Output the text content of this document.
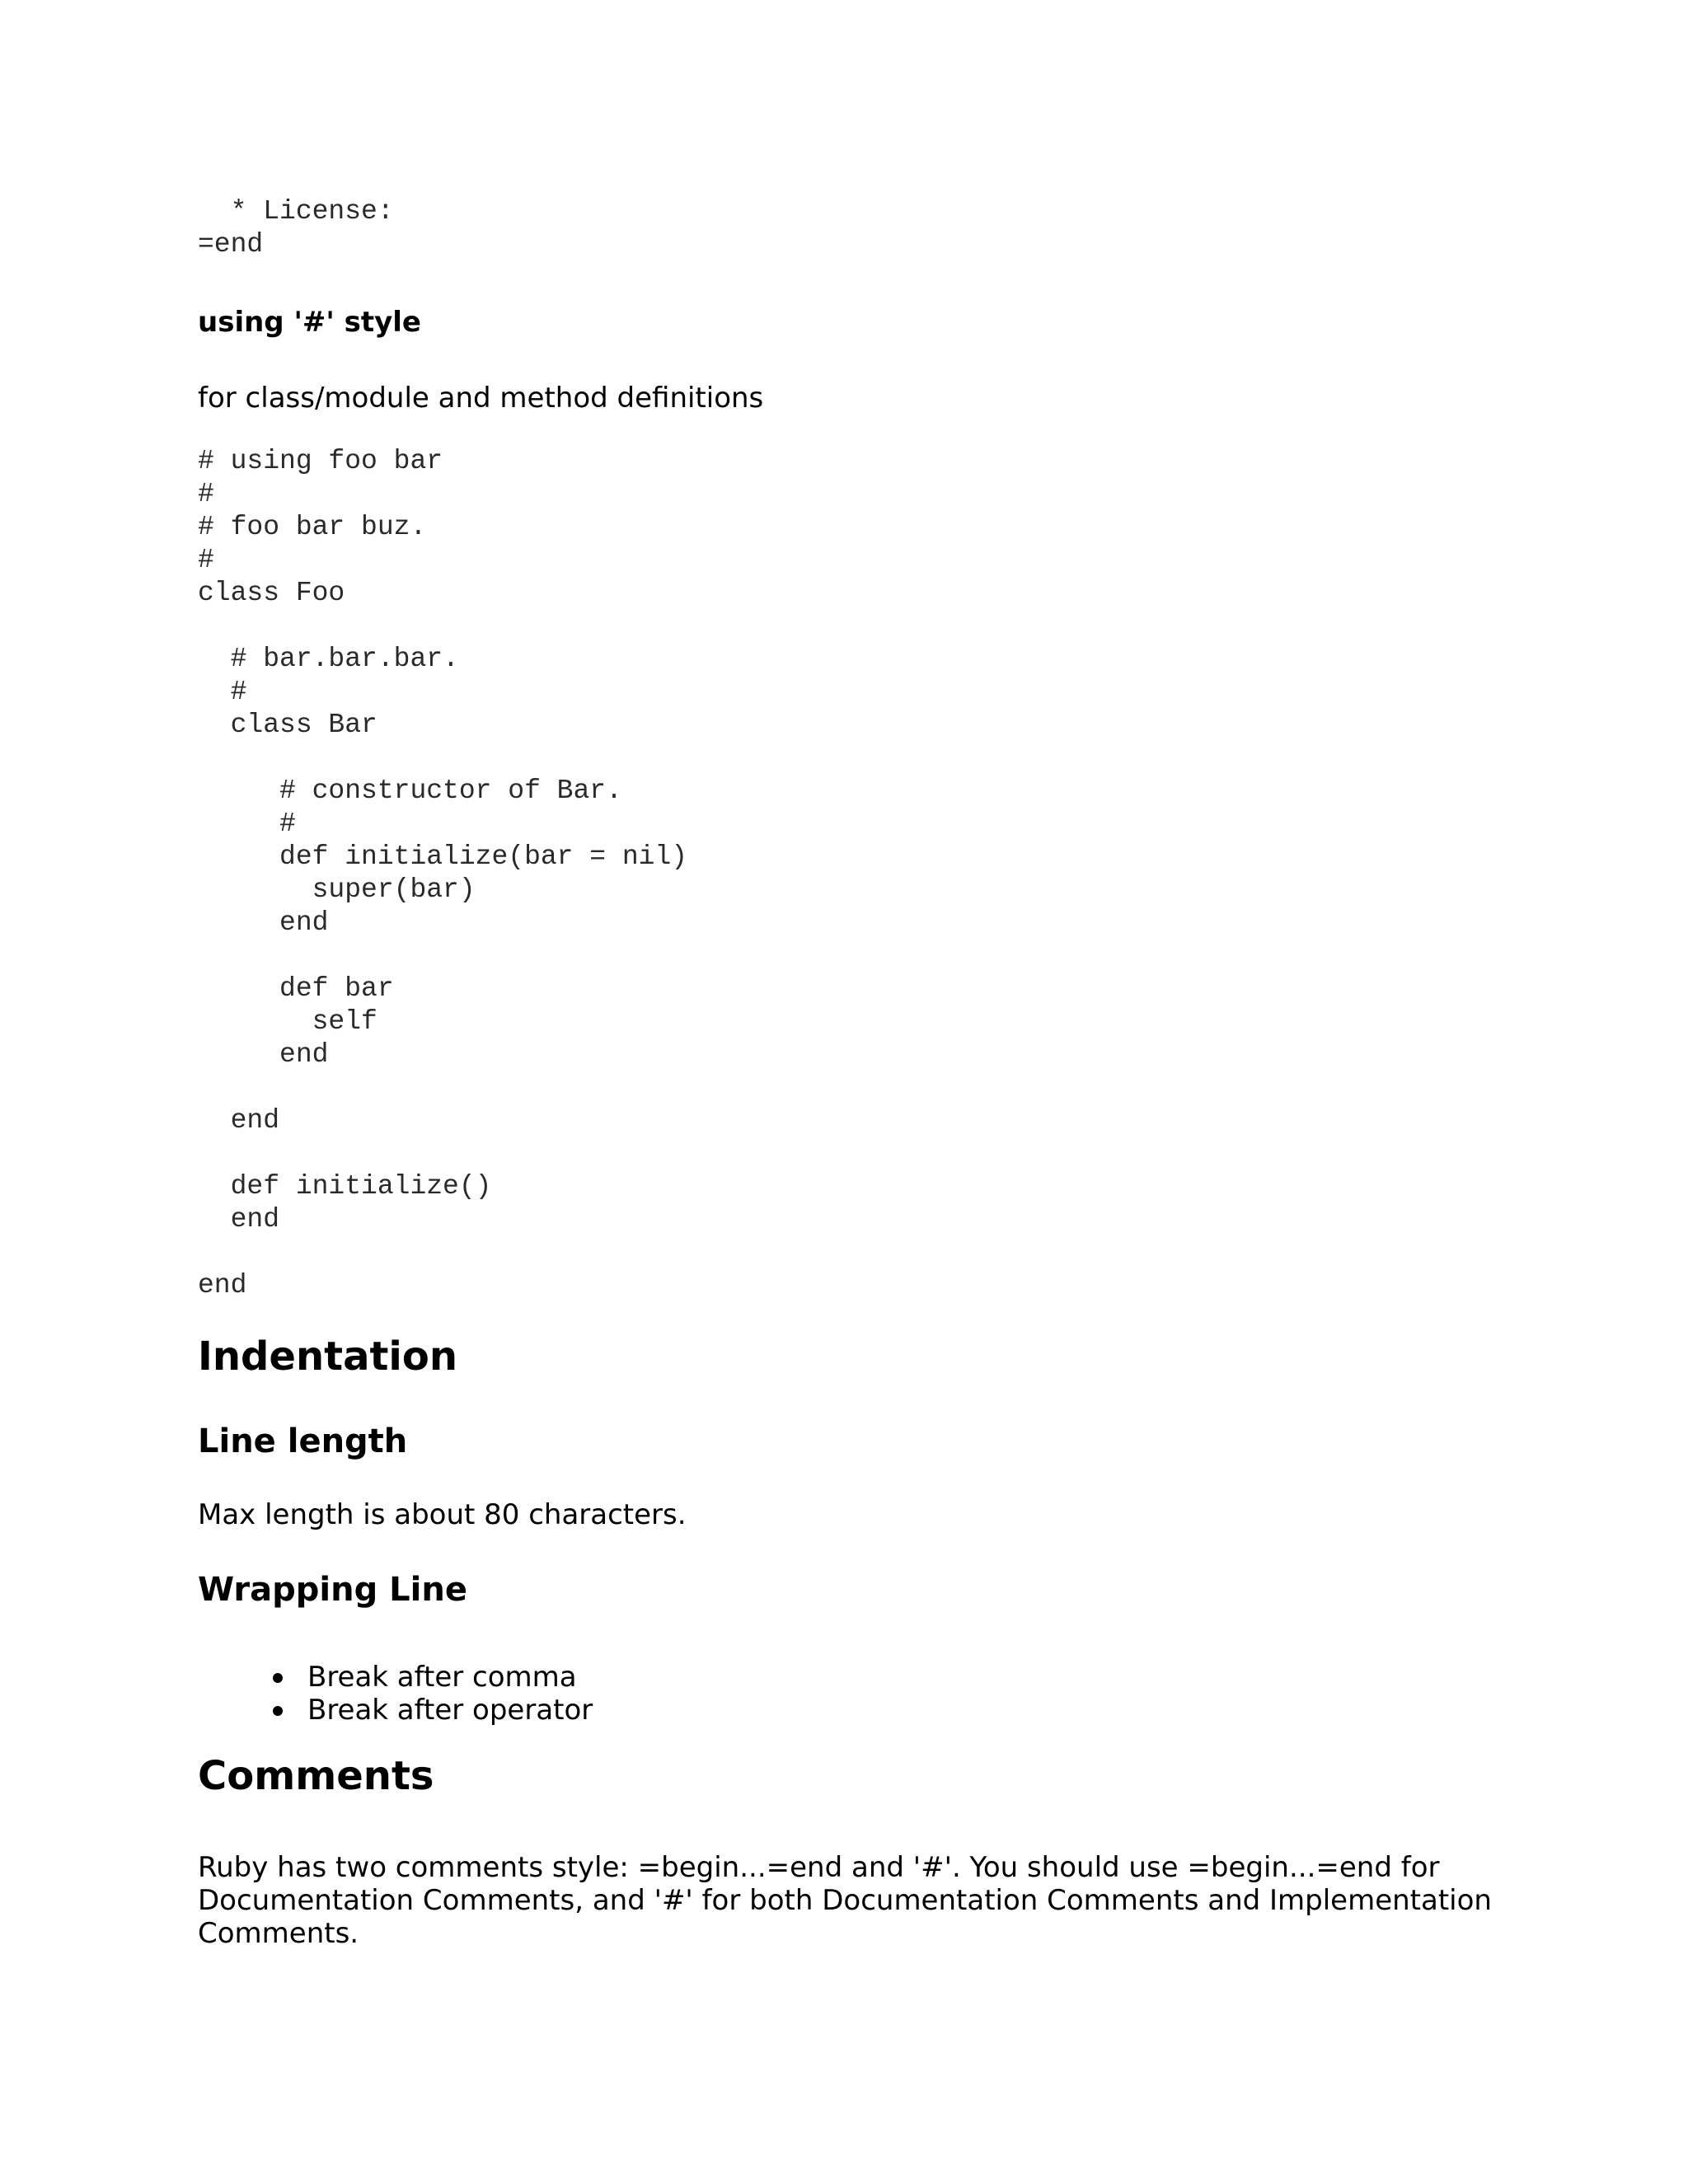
* License:
=end
using '#' style

for class/module and method definitions

# using foo bar
#
# foo bar buz.
#
class Foo

# bar.bar.bar.
#
class Bar

# constructor of Bar.
#
def initialize(bar = nil)
super(bar)
end

def bar
self
end

end

def initialize()
end

end
Indentation
Line length

Max length is about 80 characters.

Wrapping Line
Break after comma
Break after operator
Comments

Ruby has two comments style: =begin...=end and '#'. You should use =begin...=end for Documentation Comments, and '#' for both Documentation Comments and Implementation Comments.
